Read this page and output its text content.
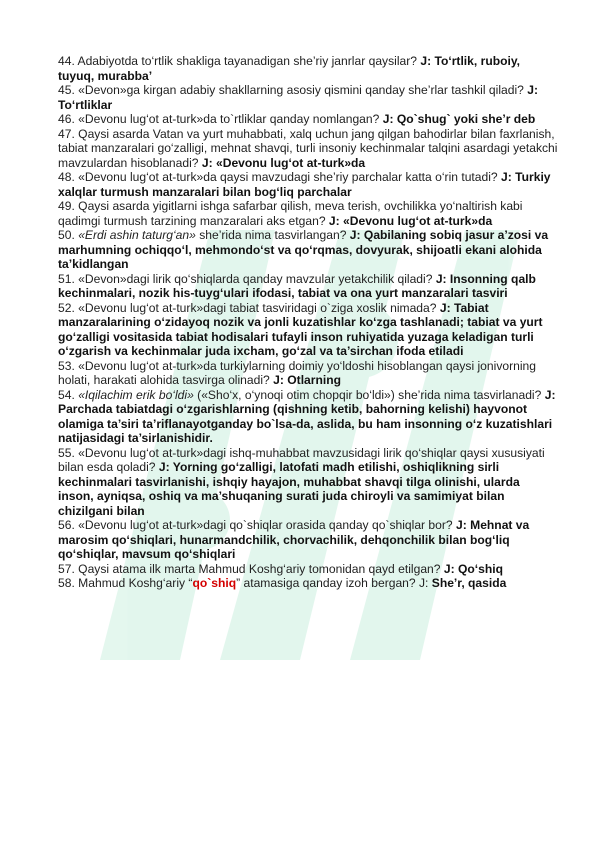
44. Adabiyotda to‘rtlik shakliga tayanadigan she’riy janrlar qaysilar? J: To‘rtlik, ruboiy, tuyuq, murabba’

45. «Devon»ga kirgan adabiy shakllarning asosiy qismini qanday she’rlar tashkil qiladi? J: To‘rtliklar

46. «Devonu lug‘ot at-turk»da to`rtliklar qanday nomlangan? J: Qo`shug` yoki she’r deb

47. Qaysi asarda Vatan va yurt muhabbati, xalq uchun jang qilgan bahodirlar bilan faxrlanish, tabiat manzaralari go‘zalligi, mehnat shavqi, turli insoniy kechinmalar talqini asardagi yetakchi mavzulardan hisoblanadi? J: «Devonu lug‘ot at-turk»da

48. «Devonu lug‘ot at-turk»da qaysi mavzudagi she’riy parchalar katta o‘rin tutadi? J: Turkiy xalqlar turmush manzaralari bilan bog‘liq parchalar

49. Qaysi asarda yigitlarni ishga safarbar qilish, meva terish, ovchilikka yo‘naltirish kabi qadimgi turmush tarzining manzaralari aks etgan? J: «Devonu lug‘ot at-turk»da

50. «Erdi ashin taturg‘an» she’rida nima tasvirlangan? J: Qabilaning sobiq jasur a’zosi va marhumning ochiqqo‘l, mehmondo‘st va qo‘rqmas, dovyurak, shijoatli ekani alohida ta’kidlangan

51. «Devon»dagi lirik qo‘shiqlarda qanday mavzular yetakchilik qiladi? J: Insonning qalb kechinmalari, nozik his-tuyg‘ulari ifodasi, tabiat va ona yurt manzaralari tasviri

52. «Devonu lug‘ot at-turk»dagi tabiat tasviridagi o`ziga xoslik nimada? J: Tabiat manzaralarining o‘zidayoq nozik va jonli kuzatishlar ko‘zga tashlanadi; tabiat va yurt go‘zalligi vositasida tabiat hodisalari tufayli inson ruhiyatida yuzaga keladigan turli o‘zgarish va kechinmalar juda ixcham, go‘zal va ta’sirchan ifoda etiladi

53. «Devonu lug‘ot at-turk»da turkiylarning doimiy yo‘ldoshi hisoblangan qaysi jonivorning holati, harakati alohida tasvirga olinadi? J: Otlarning

54. «Iqilachim erik bo‘ldi» («Sho‘x, o‘ynoqi otim chopqir bo‘ldi») she’rida nima tasvirlanadi? J: Parchada tabiatdagi o‘zgarishlarning (qishning ketib, bahorning kelishi) hayvonot olamiga ta’siri ta’riflanayotganday bo`lsa-da, aslida, bu ham insonning o‘z kuzatishlari natijasidagi ta’sirlanishidir.

55. «Devonu lug‘ot at-turk»dagi ishq-muhabbat mavzusidagi lirik qo‘shiqlar qaysi xususiyati bilan esda qoladi? J: Yorning go‘zalligi, latofati madh etilishi, oshiqlikning sirli kechinmalari tasvirlanishi, ishqiy hayajon, muhabbat shavqi tilga olinishi, ularda inson, ayniqsa, oshiq va ma’shuqaning surati juda chiroyli va samimiyat bilan chizilgani bilan

56. «Devonu lug‘ot at-turk»dagi qo`shiqlar orasida qanday qo`shiqlar bor? J: Mehnat va marosim qo‘shiqlari, hunarmandchilik, chorvachilik, dehqonchilik bilan bog‘liq qo‘shiqlar, mavsum qo‘shiqlari

57. Qaysi atama ilk marta Mahmud Koshg‘ariy tomonidan qayd etilgan? J: Qo‘shiq

58. Mahmud Koshg‘ariy “qo`shiq” atamasiga qanday izoh bergan? J: She’r, qasida
